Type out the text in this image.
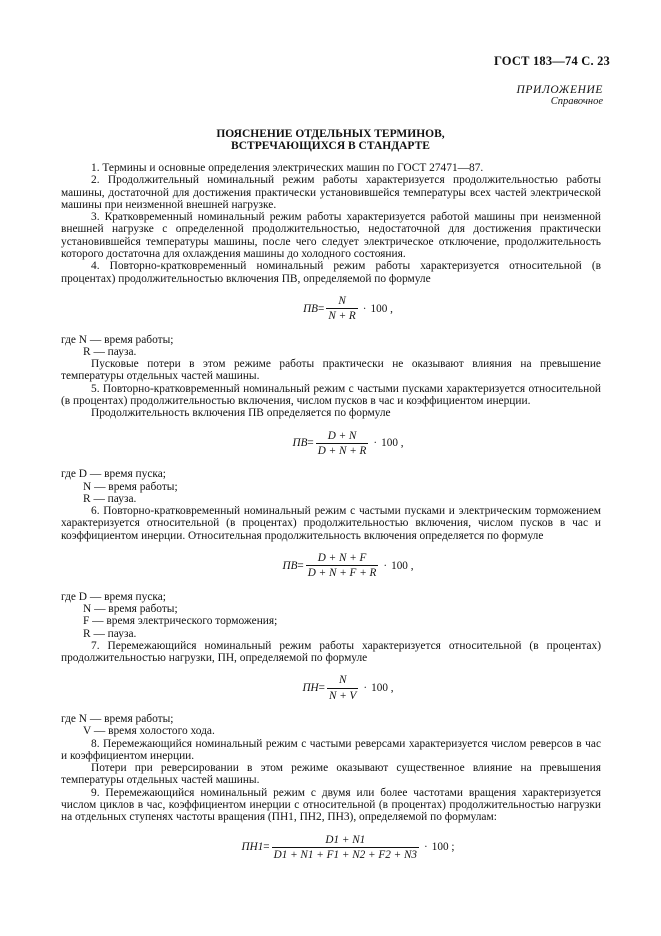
ГОСТ 183—74 С. 23
ПРИЛОЖЕНИЕ
Справочное
ПОЯСНЕНИЕ ОТДЕЛЬНЫХ ТЕРМИНОВ,
ВСТРЕЧАЮЩИХСЯ В СТАНДАРТЕ

1. Термины и основные определения электрических машин по ГОСТ 27471—87.

2. Продолжительный номинальный режим работы характеризуется продолжительностью работы машины, достаточной для достижения практически установившейся температуры всех частей электрической машины при неизменной внешней нагрузке.

3. Кратковременный номинальный режим работы характеризуется работой машины при неизменной внешней нагрузке с определенной продолжительностью, недостаточной для достижения практически установившейся температуры машины, после чего следует электрическое отключение, продолжительность которого достаточна для охлаждения машины до холодного состояния.

4. Повторно-кратковременный номинальный режим работы характеризуется относительной (в процентах) продолжительностью включения ПВ, определяемой по формуле

ПВ = $\frac{N}{N + R} \cdot 100$ ,
где N — время работы;
R — пауза.

Пусковые потери в этом режиме работы практически не оказывают влияния на превышение температуры отдельных частей машины.

5. Повторно-кратковременный номинальный режим с частыми пусками характеризуется относительной (в процентах) продолжительностью включения, числом пусков в час и коэффициентом инерции.

Продолжительность включения ПВ определяется по формуле

ПВ = $\frac{D + N}{D + N + R} \cdot 100$ ,
где D — время пуска;
N — время работы;
R — пауза.

6. Повторно-кратковременный номинальный режим с частыми пусками и электрическим торможением характеризуется относительной (в процентах) продолжительностью включения, числом пусков в час и коэффициентом инерции. Относительная продолжительность включения определяется по формуле

ПВ = $\frac{D + N + F}{D + N + F + R} \cdot 100$ ,
где D — время пуска;
N — время работы;
F — время электрического торможения;
R — пауза.

7. Перемежающийся номинальный режим работы характеризуется относительной (в процентах) продолжительностью нагрузки, ПН, определяемой по формуле

ПН = $\frac{N}{N + V} \cdot 100$ ,
где N — время работы;
V — время холостого хода.

8. Перемежающийся номинальный режим с частыми реверсами характеризуется числом реверсов в час и коэффициентом инерции.

Потери при реверсировании в этом режиме оказывают существенное влияние на превышения температуры отдельных частей машины.

9. Перемежающийся номинальный режим с двумя или более частотами вращения характеризуется числом циклов в час, коэффициентом инерции с относительной (в процентах) продолжительностью нагрузки на отдельных ступенях частоты вращения (ПН1, ПН2, ПН3), определяемой по формулам:

$ПН1 = \frac{D1 + N1}{D1 + N1 + F1 + N2 + F2 + N3} \cdot 100$ ;
